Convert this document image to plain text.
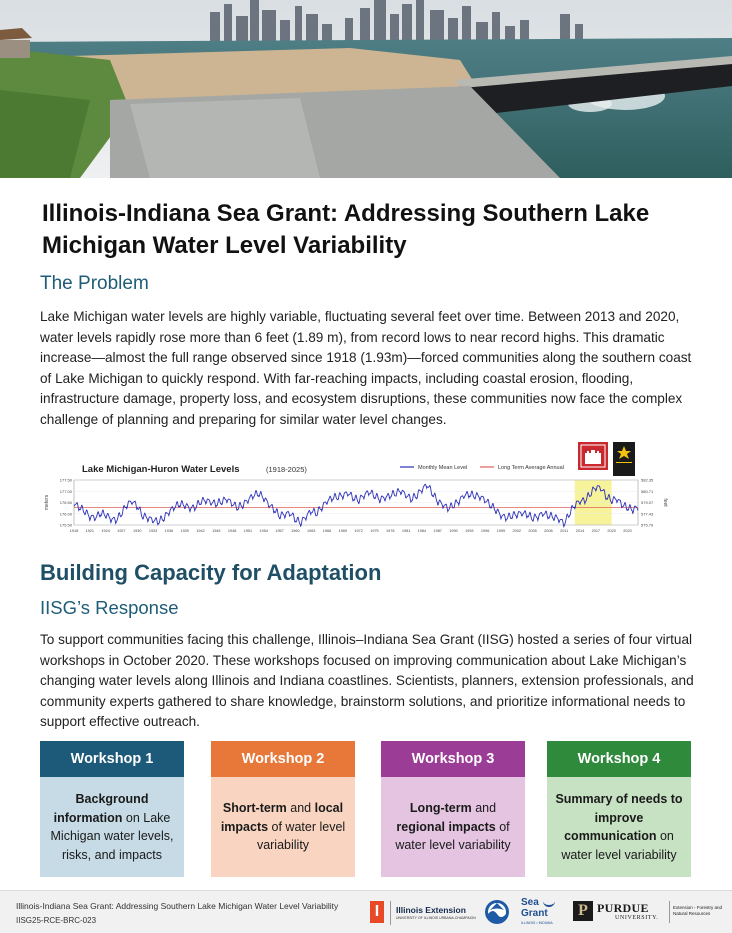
Illinois-Indiana Sea Grant: Addressing Southern Lake Michigan Water Level Variability
The Problem

Lake Michigan water levels are highly variable, fluctuating several feet over time. Between 2013 and 2020, water levels rapidly rose more than 6 feet (1.89 m), from record lows to near record highs. This dramatic increase—almost the full range observed since 1918 (1.93m)—forced communities along the southern coast of Lake Michigan to quickly respond. With far-reaching impacts, including coastal erosion, flooding, infrastructure damage, property loss, and ecosystem disruptions, these communities now face the complex challenge of planning and preparing for similar water level changes.

Lake Michigan-Huron Water Levels	(1918-2025)	Monthly Mean Level	Long Term Average Annual
177.50
177.00
176.50
176.00
175.50
582.35
580.71
579.07
577.43
575.79
meters	feet
1918 1921 1924 1927 1930 1933 1936 1939 1942 1945 1948 1951 1954 1957 1960 1963 1966 1969 1972 1975 1978 1981 1984 1987 1990 1993 1996 1999 2002 2005 2008 2011 2014 2017 2020 2023
Building Capacity for Adaptation
IISG’s Response

To support communities facing this challenge, Illinois–Indiana Sea Grant (IISG) hosted a series of four virtual workshops in October 2020. These workshops focused on improving communication about Lake Michigan’s changing water levels along Illinois and Indiana coastlines. Scientists, planners, extension professionals, and community experts gathered to share knowledge, brainstorm solutions, and prioritize informational needs to support effective outreach.

Workshop 1
Background information on Lake Michigan water levels, risks, and impacts
Workshop 2
Short-term and local impacts of water level variability
Workshop 3
Long-term and regional impacts of water level variability
Workshop 4
Summary of needs to improve communication on water level variability
Illinois-Indiana Sea Grant: Addressing Southern Lake Michigan Water Level Variability
IISG25-RCE-BRC-023
I	Illinois Extension
UNIVERSITY OF ILLINOIS URBANA-CHAMPAIGN
Sea
Grant
ILLINOIS • INDIANA
P PURDUE
UNIVERSITY.
Extension - Forestry and Natural Resources
